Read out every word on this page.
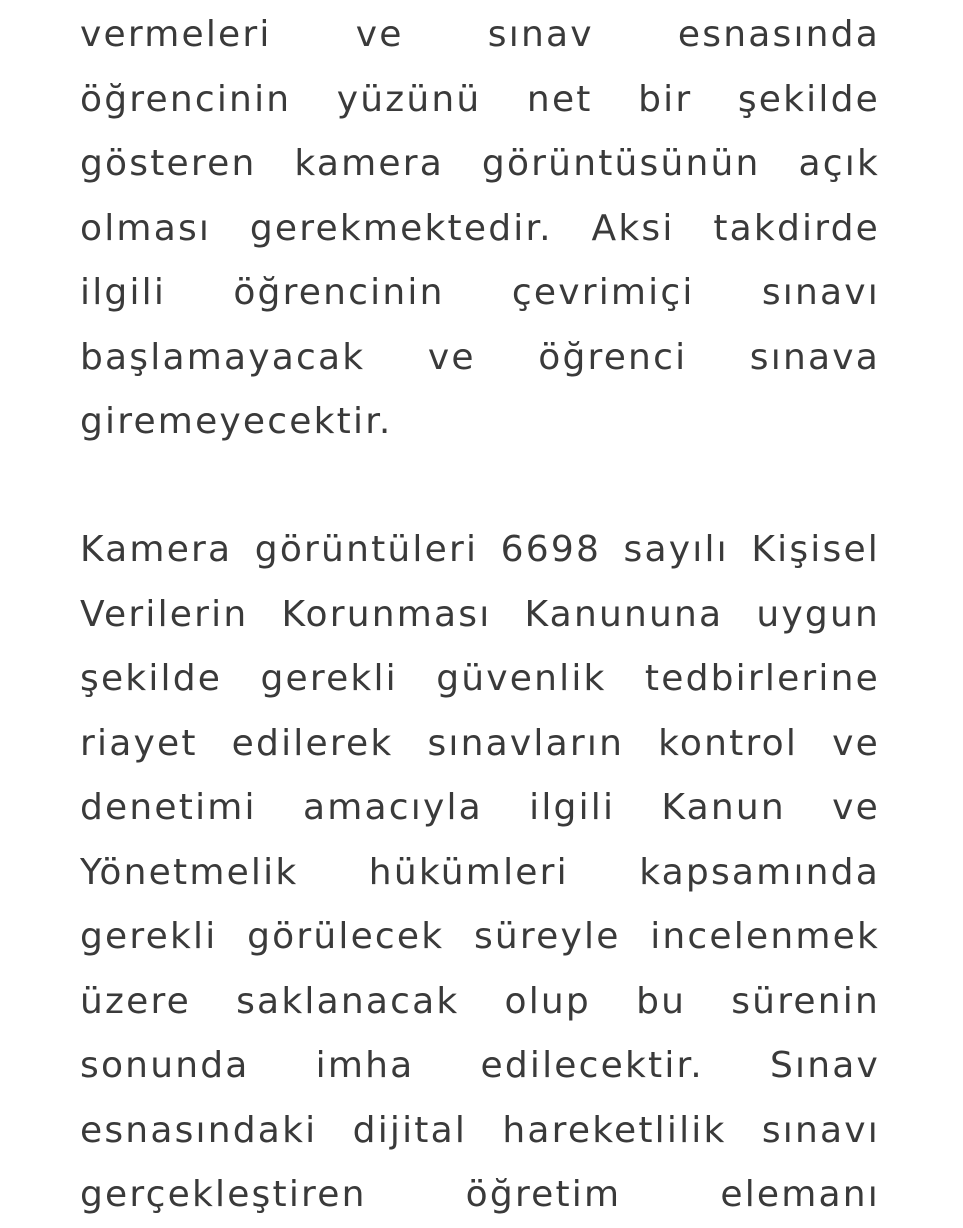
vermeleri ve sınav esnasında
öğrencinin yüzünü net bir şekilde
gösteren kamera görüntüsünün açık
olması gerekmektedir. Aksi takdirde
ilgili öğrencinin çevrimiçi sınavı
başlamayacak ve öğrenci sınava
giremeyecektir.
Kamera görüntüleri 6698 sayılı Kişisel
Verilerin Korunması Kanununa uygun
şekilde gerekli güvenlik tedbirlerine
riayet edilerek sınavların kontrol ve
denetimi amacıyla ilgili Kanun ve
Yönetmelik hükümleri kapsamında
gerekli görülecek süreyle incelenmek
üzere saklanacak olup bu sürenin
sonunda imha edilecektir. Sınav
esnasındaki dijital hareketlilik sınavı
gerçekleştiren öğretim elemanı
